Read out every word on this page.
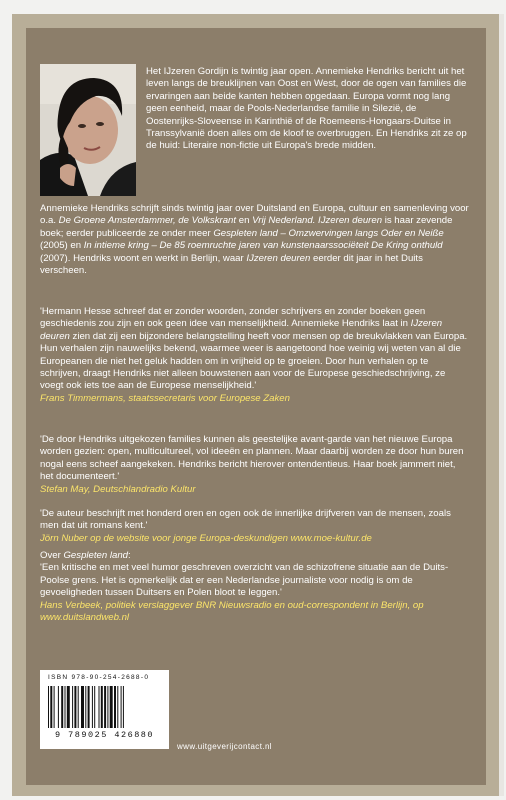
Het IJzeren Gordijn is twintig jaar open. Annemieke Hendriks bericht uit het leven langs de breuklijnen van Oost en West, door de ogen van families die ervaringen aan beide kanten hebben opgedaan. Europa vormt nog lang geen eenheid, maar de Pools-Nederlandse familie in Silezië, de Oostenrijks-Sloveense in Karinthië of de Roemeens-Hongaars-Duitse in Transsylvanië doen alles om de kloof te overbruggen. En Hendriks zit ze op de huid: Literaire non-fictie uit Europa's brede midden.

Annemieke Hendriks schrijft sinds twintig jaar over Duitsland en Europa, cultuur en samenleving voor o.a. De Groene Amsterdammer, de Volkskrant en Vrij Nederland. IJzeren deuren is haar zevende boek; eerder publiceerde ze onder meer Gespleten land – Omzwervingen langs Oder en Neiße (2005) en In intieme kring – De 85 roemruchte jaren van kunstenaarssociëteit De Kring onthuld (2007). Hendriks woont en werkt in Berlijn, waar IJzeren deuren eerder dit jaar in het Duits verscheen.

'Hermann Hesse schreef dat er zonder woorden, zonder schrijvers en zonder boeken geen geschiedenis zou zijn en ook geen idee van menselijkheid. Annemieke Hendriks laat in IJzeren deuren zien dat zij een bijzondere belangstelling heeft voor mensen op de breukvlakken van Europa. Hun verhalen zijn nauwelijks bekend, waarmee weer is aangetoond hoe weinig wij weten van al die Europeanen die niet het geluk hadden om in vrijheid op te groeien. Door hun verhalen op te schrijven, draagt Hendriks niet alleen bouwstenen aan voor de Europese geschiedschrijving, ze voegt ook iets toe aan de Europese menselijkheid.'
Frans Timmermans, staatssecretaris voor Europese Zaken

'De door Hendriks uitgekozen families kunnen als geestelijke avant-garde van het nieuwe Europa worden gezien: open, multicultureel, vol ideeën en plannen. Maar daarbij worden ze door hun buren nogal eens scheef aangekeken. Hendriks bericht hierover ontendentieus. Haar boek jammert niet, het documenteert.'
Stefan May, Deutschlandradio Kultur

'De auteur beschrijft met honderd oren en ogen ook de innerlijke drijfveren van de mensen, zoals men dat uit romans kent.'
Jörn Nuber op de website voor jonge Europa-deskundigen www.moe-kultur.de

Over Gespleten land:
'Een kritische en met veel humor geschreven overzicht van de schizofrene situatie aan de Duits-Poolse grens. Het is opmerkelijk dat er een Nederlandse journaliste voor nodig is om de gevoeligheden tussen Duitsers en Polen bloot te leggen.'
Hans Verbeek, politiek verslaggever BNR Nieuwsradio en oud-correspondent in Berlijn, op www.duitslandweb.nl

ISBN 978-90-254-2688-0
9 789025 426880
www.uitgeverijcontact.nl
